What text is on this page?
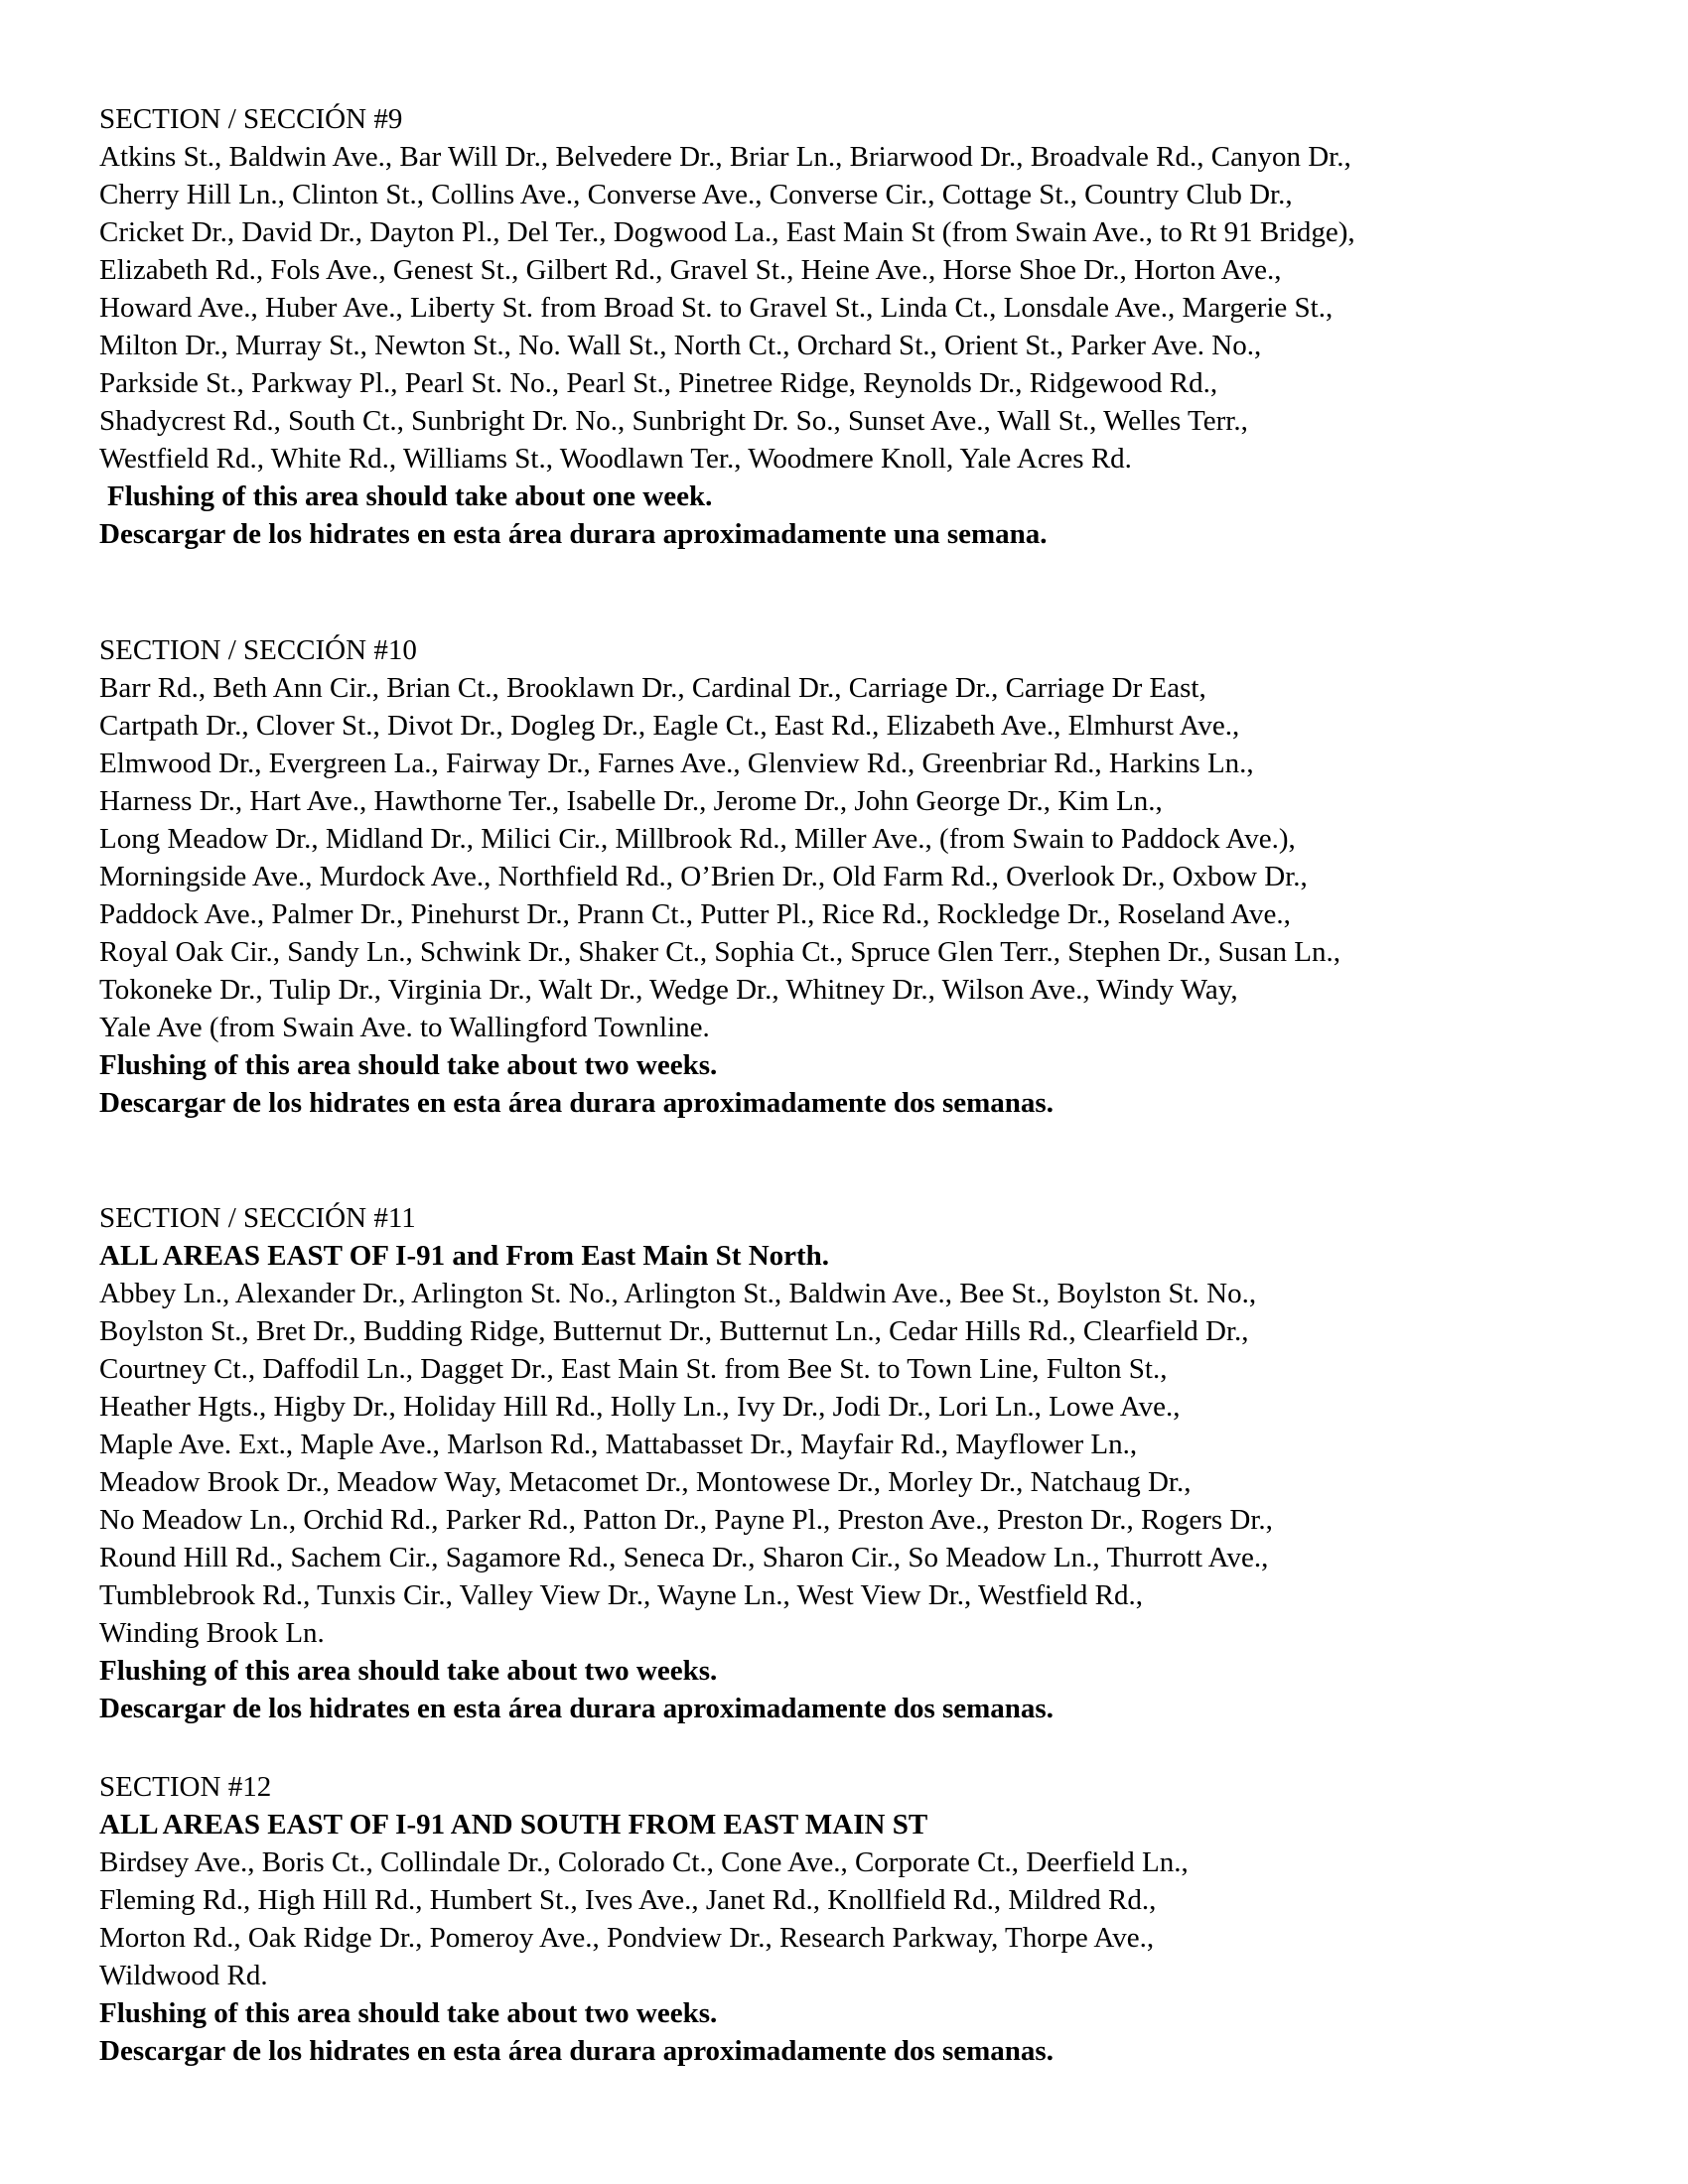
SECTION / SECCIÓN #9
Atkins St., Baldwin Ave., Bar Will Dr., Belvedere Dr., Briar Ln., Briarwood Dr., Broadvale Rd., Canyon Dr.,
Cherry Hill Ln., Clinton St., Collins Ave., Converse Ave., Converse Cir., Cottage St., Country Club Dr.,
Cricket Dr., David Dr., Dayton Pl., Del Ter., Dogwood La., East Main St (from Swain Ave., to Rt 91 Bridge),
Elizabeth Rd., Fols Ave., Genest St., Gilbert Rd., Gravel St., Heine Ave., Horse Shoe Dr., Horton Ave.,
Howard Ave., Huber Ave., Liberty St. from Broad St. to Gravel St., Linda Ct., Lonsdale Ave., Margerie St.,
Milton Dr., Murray St., Newton St., No. Wall St., North Ct., Orchard St., Orient St., Parker Ave. No.,
Parkside St., Parkway Pl., Pearl St. No., Pearl St., Pinetree Ridge, Reynolds Dr., Ridgewood Rd.,
Shadycrest Rd., South Ct., Sunbright Dr. No., Sunbright Dr. So., Sunset Ave., Wall St., Welles Terr.,
Westfield Rd., White Rd., Williams St., Woodlawn Ter., Woodmere Knoll, Yale Acres Rd.
Flushing of this area should take about one week.
Descargar de los hidrates en esta área durara aproximadamente una semana.
SECTION / SECCIÓN #10
Barr Rd., Beth Ann Cir., Brian Ct., Brooklawn Dr., Cardinal Dr., Carriage Dr., Carriage Dr East,
Cartpath Dr., Clover St., Divot Dr., Dogleg Dr., Eagle Ct., East Rd., Elizabeth Ave., Elmhurst Ave.,
Elmwood Dr., Evergreen La., Fairway Dr., Farnes Ave., Glenview Rd., Greenbriar Rd., Harkins Ln.,
Harness Dr., Hart Ave., Hawthorne Ter., Isabelle Dr., Jerome Dr., John George Dr., Kim Ln.,
Long Meadow Dr., Midland Dr., Milici Cir., Millbrook Rd., Miller Ave., (from Swain to Paddock Ave.),
Morningside Ave., Murdock Ave., Northfield Rd., O’Brien Dr., Old Farm Rd., Overlook Dr., Oxbow Dr.,
Paddock Ave., Palmer Dr., Pinehurst Dr., Prann Ct., Putter Pl., Rice Rd., Rockledge Dr., Roseland Ave.,
Royal Oak Cir., Sandy Ln., Schwink Dr., Shaker Ct., Sophia Ct., Spruce Glen Terr., Stephen Dr., Susan Ln.,
Tokoneke Dr., Tulip Dr., Virginia Dr., Walt Dr., Wedge Dr., Whitney Dr., Wilson Ave., Windy Way,
Yale Ave (from Swain Ave. to Wallingford Townline.
Flushing of this area should take about two weeks.
Descargar de los hidrates en esta área durara aproximadamente dos semanas.
SECTION / SECCIÓN #11
ALL AREAS EAST OF I-91 and From East Main St North.
Abbey Ln., Alexander Dr., Arlington St. No., Arlington St., Baldwin Ave., Bee St., Boylston St. No.,
Boylston St., Bret Dr., Budding Ridge, Butternut Dr., Butternut Ln., Cedar Hills Rd., Clearfield Dr.,
Courtney Ct., Daffodil Ln., Dagget Dr., East Main St. from Bee St. to Town Line, Fulton St.,
Heather Hgts., Higby Dr., Holiday Hill Rd., Holly Ln., Ivy Dr., Jodi Dr., Lori Ln., Lowe Ave.,
Maple Ave. Ext., Maple Ave., Marlson Rd., Mattabasset Dr., Mayfair Rd., Mayflower Ln.,
Meadow Brook Dr., Meadow Way, Metacomet Dr., Montowese Dr., Morley Dr., Natchaug Dr.,
No Meadow Ln., Orchid Rd., Parker Rd., Patton Dr., Payne Pl., Preston Ave., Preston Dr., Rogers Dr.,
Round Hill Rd., Sachem Cir., Sagamore Rd., Seneca Dr., Sharon Cir., So Meadow Ln., Thurrott Ave.,
Tumblebrook Rd., Tunxis Cir., Valley View Dr., Wayne Ln., West View Dr., Westfield Rd.,
Winding Brook Ln.
Flushing of this area should take about two weeks.
Descargar de los hidrates en esta área durara aproximadamente dos semanas.
SECTION #12
ALL AREAS EAST OF I-91 AND SOUTH FROM EAST MAIN ST
Birdsey Ave., Boris Ct., Collindale Dr., Colorado Ct., Cone Ave., Corporate Ct., Deerfield Ln.,
Fleming Rd., High Hill Rd., Humbert St., Ives Ave., Janet Rd., Knollfield Rd., Mildred Rd.,
Morton Rd., Oak Ridge Dr., Pomeroy Ave., Pondview Dr., Research Parkway, Thorpe Ave.,
Wildwood Rd.
Flushing of this area should take about two weeks.
Descargar de los hidrates en esta área durara aproximadamente dos semanas.
